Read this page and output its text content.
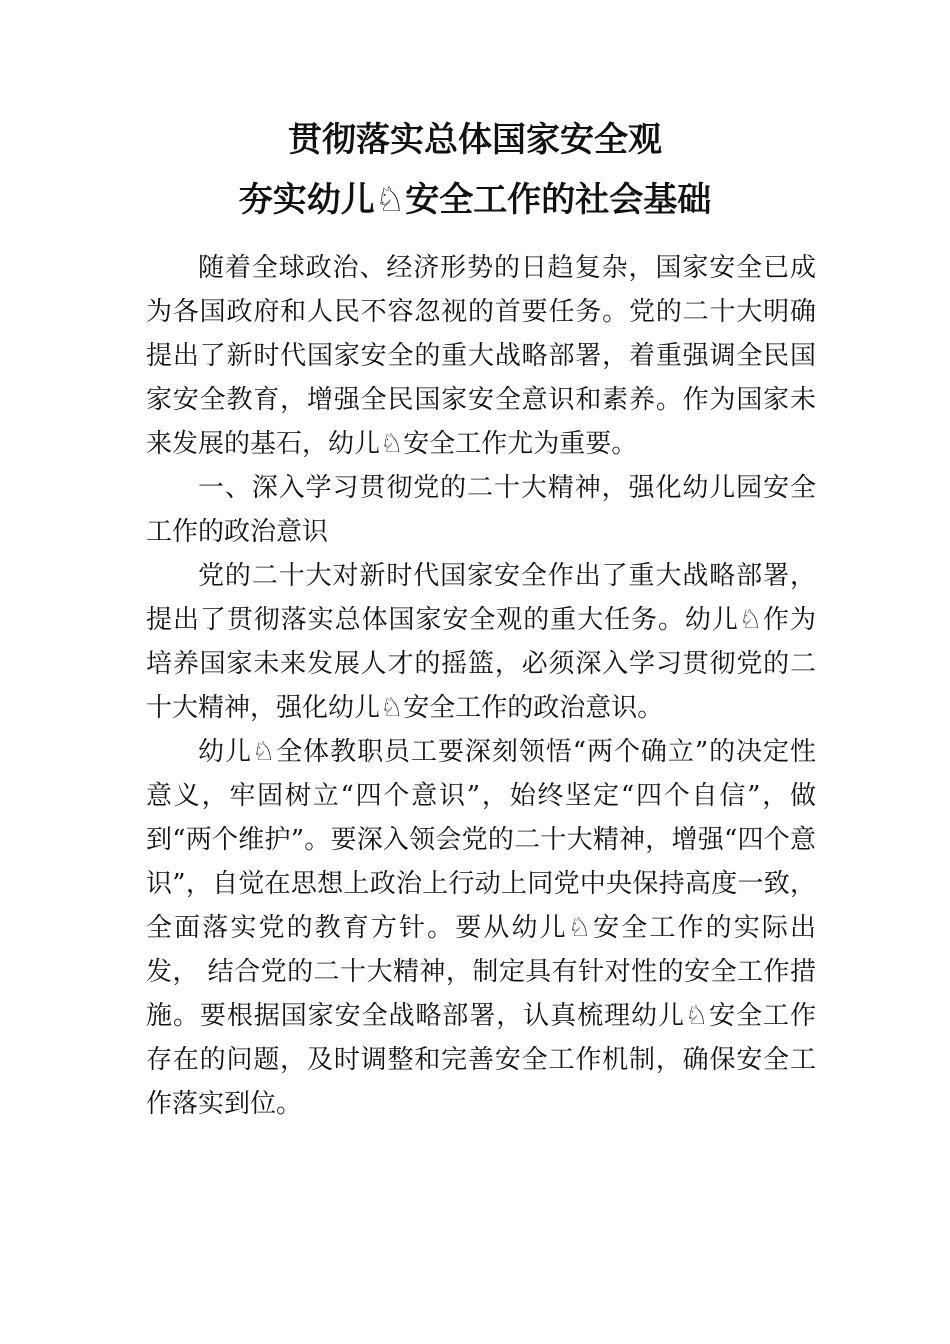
贯彻落实总体国家安全观
夯实幼儿♘安全工作的社会基础

随着全球政治、经济形势的日趋复杂，国家安全已成为各国政府和人民不容忽视的首要任务。党的二十大明确提出了新时代国家安全的重大战略部署，着重强调全民国家安全教育，增强全民国家安全意识和素养。作为国家未来发展的基石，幼儿♘安全工作尤为重要。

一、深入学习贯彻党的二十大精神，强化幼儿园安全工作的政治意识

党的二十大对新时代国家安全作出了重大战略部署，提出了贯彻落实总体国家安全观的重大任务。幼儿♘作为培养国家未来发展人才的摇篮，必须深入学习贯彻党的二十大精神，强化幼儿♘安全工作的政治意识。

幼儿♘全体教职员工要深刻领悟“两个确立”的决定性意义，牢固树立“四个意识”，始终坚定“四个自信”，做到“两个维护”。要深入领会党的二十大精神，增强“四个意识”，自觉在思想上政治上行动上同党中央保持高度一致，全面落实党的教育方针。要从幼儿♘安全工作的实际出发， 结合党的二十大精神，制定具有针对性的安全工作措施。要根据国家安全战略部署，认真梳理幼儿♘安全工作存在的问题，及时调整和完善安全工作机制，确保安全工作落实到位。
